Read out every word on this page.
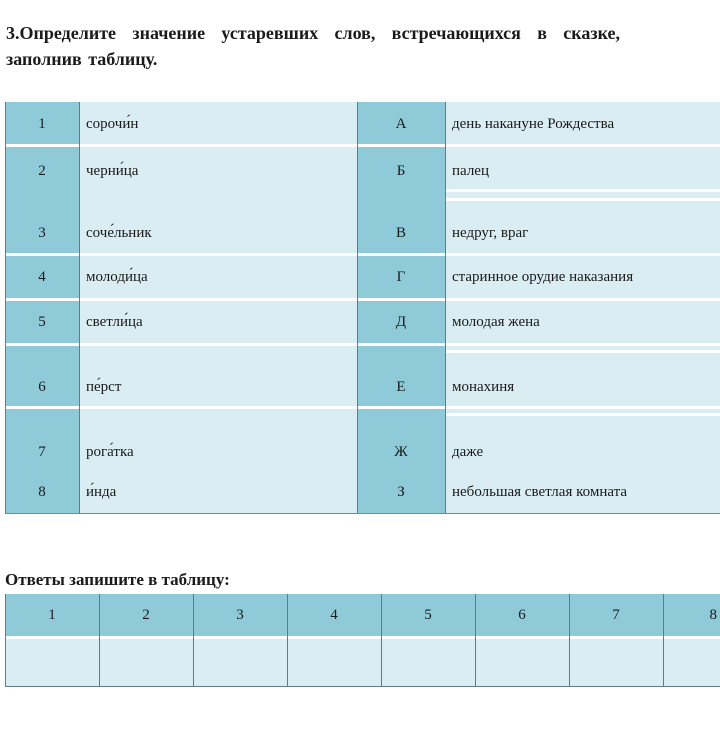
3.Определите значение устаревших слов, встречающихся в сказке, заполнив таблицу.
1	сорочи́н	А	день накануне Рождества
2	черни́ца	Б	палец
3	соче́льник	В	недруг, враг
4	молоди́ца	Г	старинное орудие наказания
5	светли́ца	Д	молодая жена
6	пе́рст	Е	монахиня
7	рога́тка	Ж	даже
8	и́нда	З	небольшая светлая комната
Ответы запишите в таблицу:
1	2	3	4	5	6	7	8
